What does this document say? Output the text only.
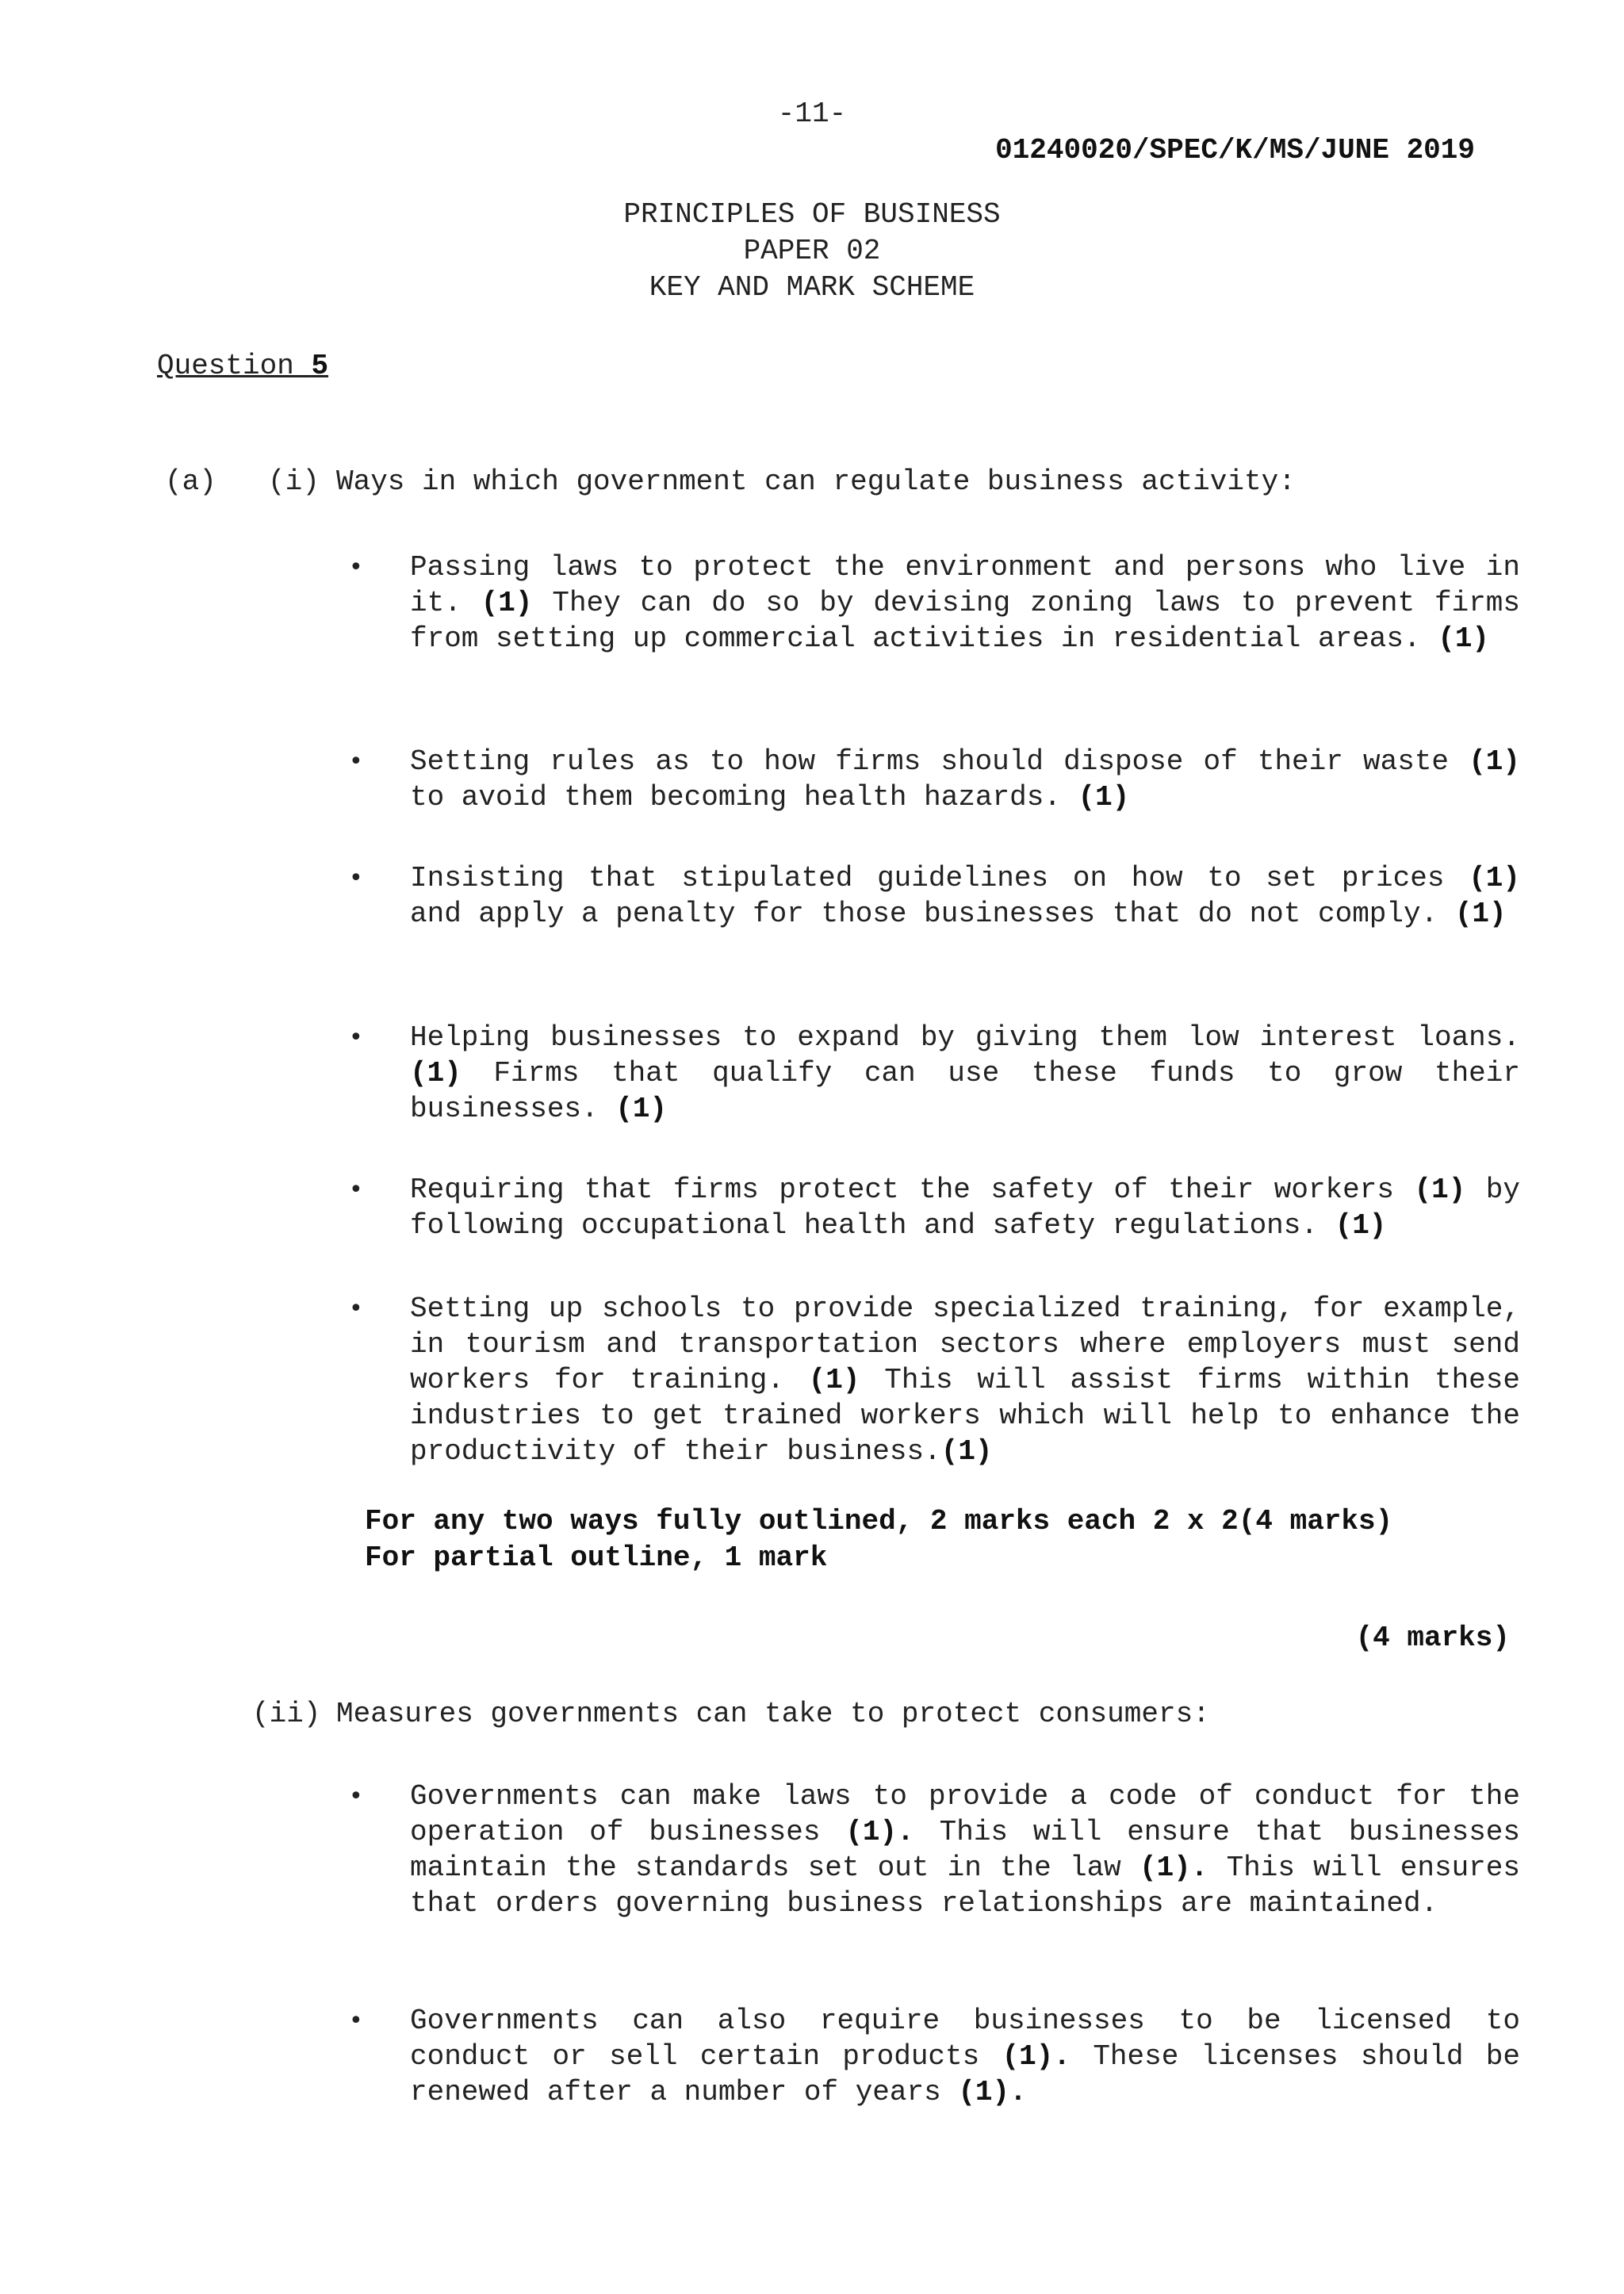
-11-
01240020/SPEC/K/MS/JUNE 2019
PRINCIPLES OF BUSINESS
PAPER 02
KEY AND MARK SCHEME
Question 5
(a) (i) Ways in which government can regulate business activity:
• Passing laws to protect the environment and persons who live in it. (1) They can do so by devising zoning laws to prevent firms from setting up commercial activities in residential areas. (1)
• Setting rules as to how firms should dispose of their waste (1) to avoid them becoming health hazards. (1)
• Insisting that stipulated guidelines on how to set prices (1) and apply a penalty for those businesses that do not comply. (1)
• Helping businesses to expand by giving them low interest loans. (1) Firms that qualify can use these funds to grow their businesses. (1)
• Requiring that firms protect the safety of their workers (1) by following occupational health and safety regulations. (1)
• Setting up schools to provide specialized training, for example, in tourism and transportation sectors where employers must send workers for training. (1) This will assist firms within these industries to get trained workers which will help to enhance the productivity of their business.(1)
For any two ways fully outlined, 2 marks each 2 x 2(4 marks)
For partial outline, 1 mark
(4 marks)
(ii) Measures governments can take to protect consumers:
• Governments can make laws to provide a code of conduct for the operation of businesses (1). This will ensure that businesses maintain the standards set out in the law (1). This will ensures that orders governing business relationships are maintained.
• Governments can also require businesses to be licensed to conduct or sell certain products (1). These licenses should be renewed after a number of years (1).
